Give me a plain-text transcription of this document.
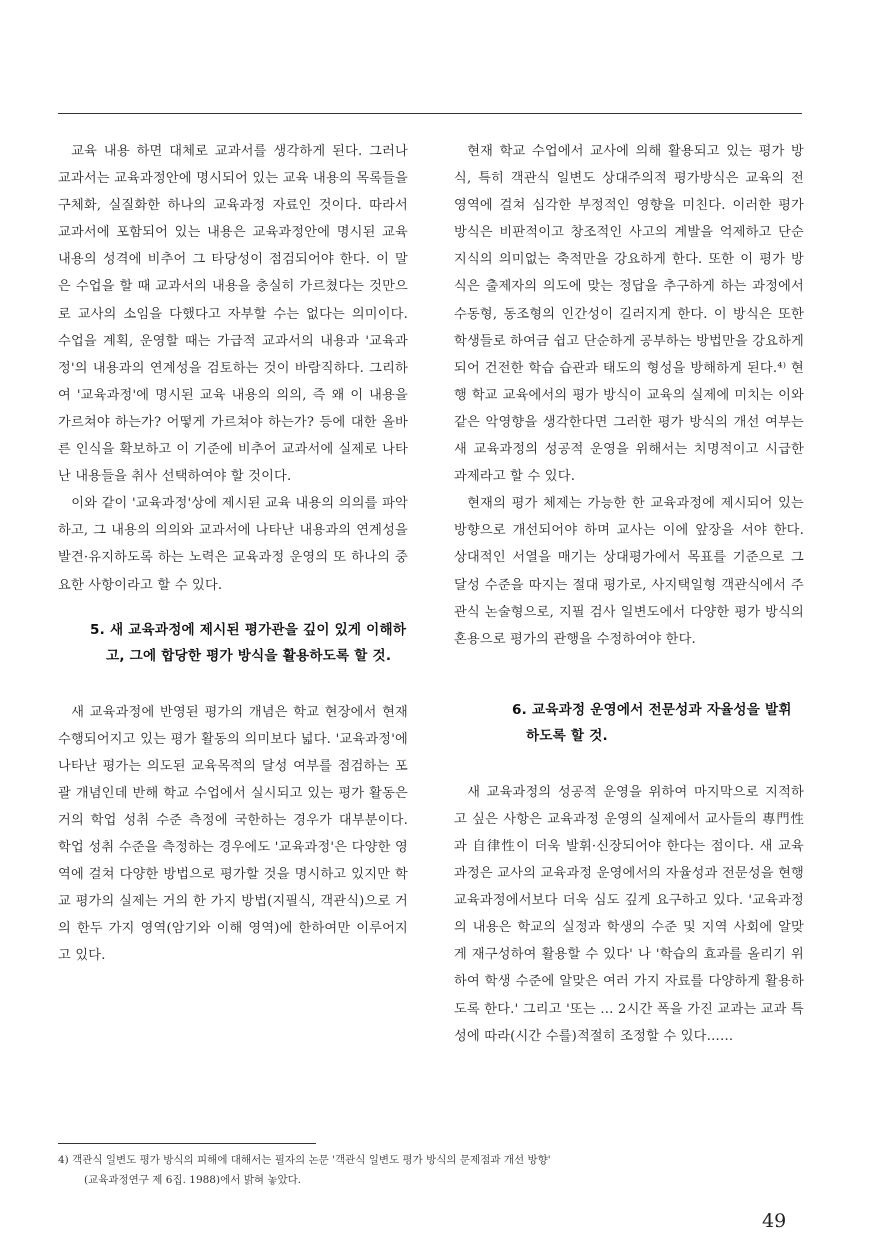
교육 내용 하면 대체로 교과서를 생각하게 된다. 그러나 교과서는 교육과정안에 명시되어 있는 교육 내용의 목록들을 구체화, 실질화한 하나의 교육과정 자료인 것이다. 따라서 교과서에 포함되어 있는 내용은 교육과정안에 명시된 교육 내용의 성격에 비추어 그 타당성이 점검되어야 한다. 이 말은 수업을 할 때 교과서의 내용을 충실히 가르쳤다는 것만으로 교사의 소임을 다했다고 자부할 수는 없다는 의미이다. 수업을 계획, 운영할 때는 가급적 교과서의 내용과 '교육과정'의 내용과의 연계성을 검토하는 것이 바람직하다. 그리하여 '교육과정'에 명시된 교육 내용의 의의, 즉 왜 이 내용을 가르쳐야 하는가? 어떻게 가르쳐야 하는가? 등에 대한 올바른 인식을 확보하고 이 기준에 비추어 교과서에 실제로 나타난 내용들을 취사 선택하여야 할 것이다.

이와 같이 '교육과정'상에 제시된 교육 내용의 의의를 파악하고, 그 내용의 의의와 교과서에 나타난 내용과의 연계성을 발견·유지하도록 하는 노력은 교육과정 운영의 또 하나의 중요한 사항이라고 할 수 있다.

5. 새 교육과정에 제시된 평가관을 깊이 있게 이해하고, 그에 합당한 평가 방식을 활용하도록 할 것.

새 교육과정에 반영된 평가의 개념은 학교 현장에서 현재 수행되어지고 있는 평가 활동의 의미보다 넓다. '교육과정'에 나타난 평가는 의도된 교육목적의 달성 여부를 점검하는 포괄 개념인데 반해 학교 수업에서 실시되고 있는 평가 활동은 거의 학업 성취 수준 측정에 국한하는 경우가 대부분이다. 학업 성취 수준을 측정하는 경우에도 '교육과정'은 다양한 영역에 걸쳐 다양한 방법으로 평가할 것을 명시하고 있지만 학교 평가의 실제는 거의 한 가지 방법(지필식, 객관식)으로 거의 한두 가지 영역(암기와 이해 영역)에 한하여만 이루어지고 있다.

현재 학교 수업에서 교사에 의해 활용되고 있는 평가 방식, 특히 객관식 일변도 상대주의적 평가방식은 교육의 전 영역에 걸쳐 심각한 부정적인 영향을 미친다. 이러한 평가 방식은 비판적이고 창조적인 사고의 계발을 억제하고 단순 지식의 의미없는 축적만을 강요하게 한다. 또한 이 평가 방식은 출제자의 의도에 맞는 정답을 추구하게 하는 과정에서 수동형, 동조형의 인간성이 길러지게 한다. 이 방식은 또한 학생들로 하여금 쉽고 단순하게 공부하는 방법만을 강요하게 되어 건전한 학습 습관과 태도의 형성을 방해하게 된다.⁴⁾ 현행 학교 교육에서의 평가 방식이 교육의 실제에 미치는 이와 같은 악영향을 생각한다면 그러한 평가 방식의 개선 여부는 새 교육과정의 성공적 운영을 위해서는 치명적이고 시급한 과제라고 할 수 있다.

현재의 평가 체제는 가능한 한 교육과정에 제시되어 있는 방향으로 개선되어야 하며 교사는 이에 앞장을 서야 한다. 상대적인 서열을 매기는 상대평가에서 목표를 기준으로 그 달성 수준을 따지는 절대 평가로, 사지택일형 객관식에서 주관식 논술형으로, 지필 검사 일변도에서 다양한 평가 방식의 혼용으로 평가의 관행을 수정하여야 한다.

6. 교육과정 운영에서 전문성과 자율성을 발휘하도록 할 것.

새 교육과정의 성공적 운영을 위하여 마지막으로 지적하고 싶은 사항은 교육과정 운영의 실제에서 교사들의 專門性과 自律性이 더욱 발휘·신장되어야 한다는 점이다. 새 교육과정은 교사의 교육과정 운영에서의 자율성과 전문성을 현행 교육과정에서보다 더욱 심도 깊게 요구하고 있다. '교육과정의 내용은 학교의 실정과 학생의 수준 및 지역 사회에 알맞게 재구성하여 활용할 수 있다' 나 '학습의 효과를 올리기 위하여 학생 수준에 알맞은 여러 가지 자료를 다양하게 활용하도록 한다.' 그리고 '또는 … 2시간 폭을 가진 교과는 교과 특성에 따라(시간 수를)적절히 조정할 수 있다……

4) 객관식 일변도 평가 방식의 피해에 대해서는 필자의 논문 '객관식 일변도 평가 방식의 문제점과 개선 방향'
(교육과정연구 제 6집. 1988)에서 밝혀 놓았다.
49
